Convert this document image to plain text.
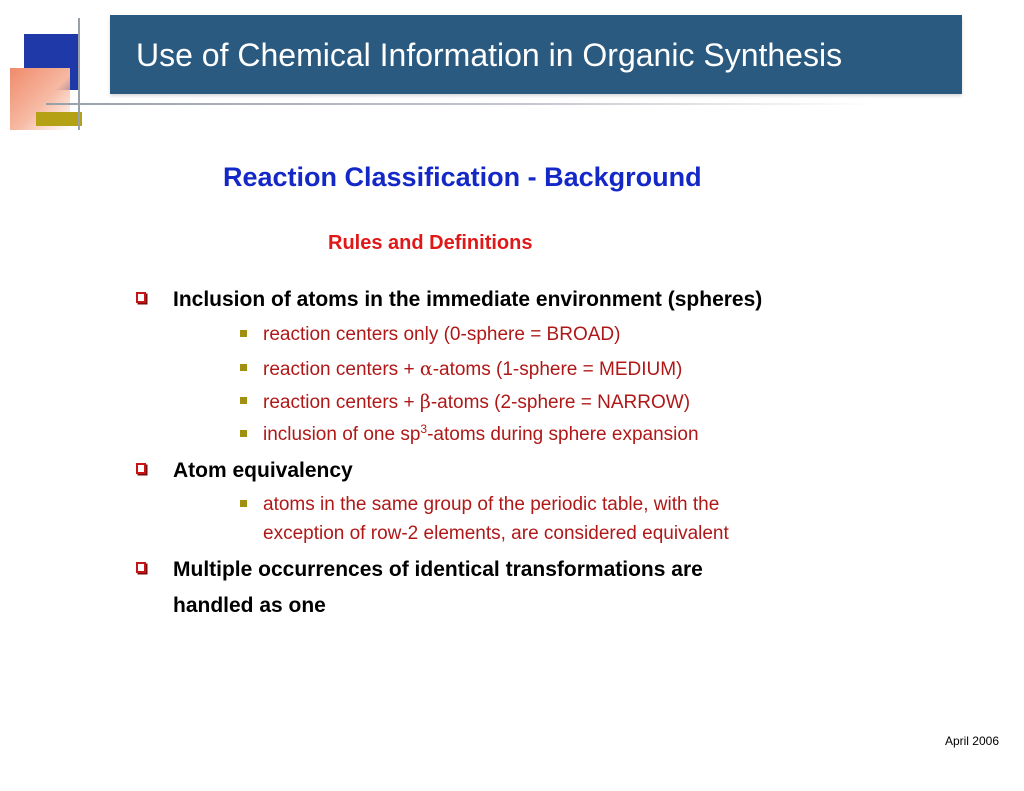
Use of Chemical Information in Organic Synthesis
Reaction Classification - Background
Rules and Definitions
Inclusion of atoms in the immediate environment (spheres)
reaction centers only (0-sphere = BROAD)
reaction centers + α-atoms (1-sphere = MEDIUM)
reaction centers + β-atoms (2-sphere = NARROW)
inclusion of one $sp^3$-atoms during sphere expansion
Atom equivalency
atoms in the same group of the periodic table, with the
exception of row-2 elements, are considered equivalent
Multiple occurrences of identical transformations are
handled as one
April 2006
